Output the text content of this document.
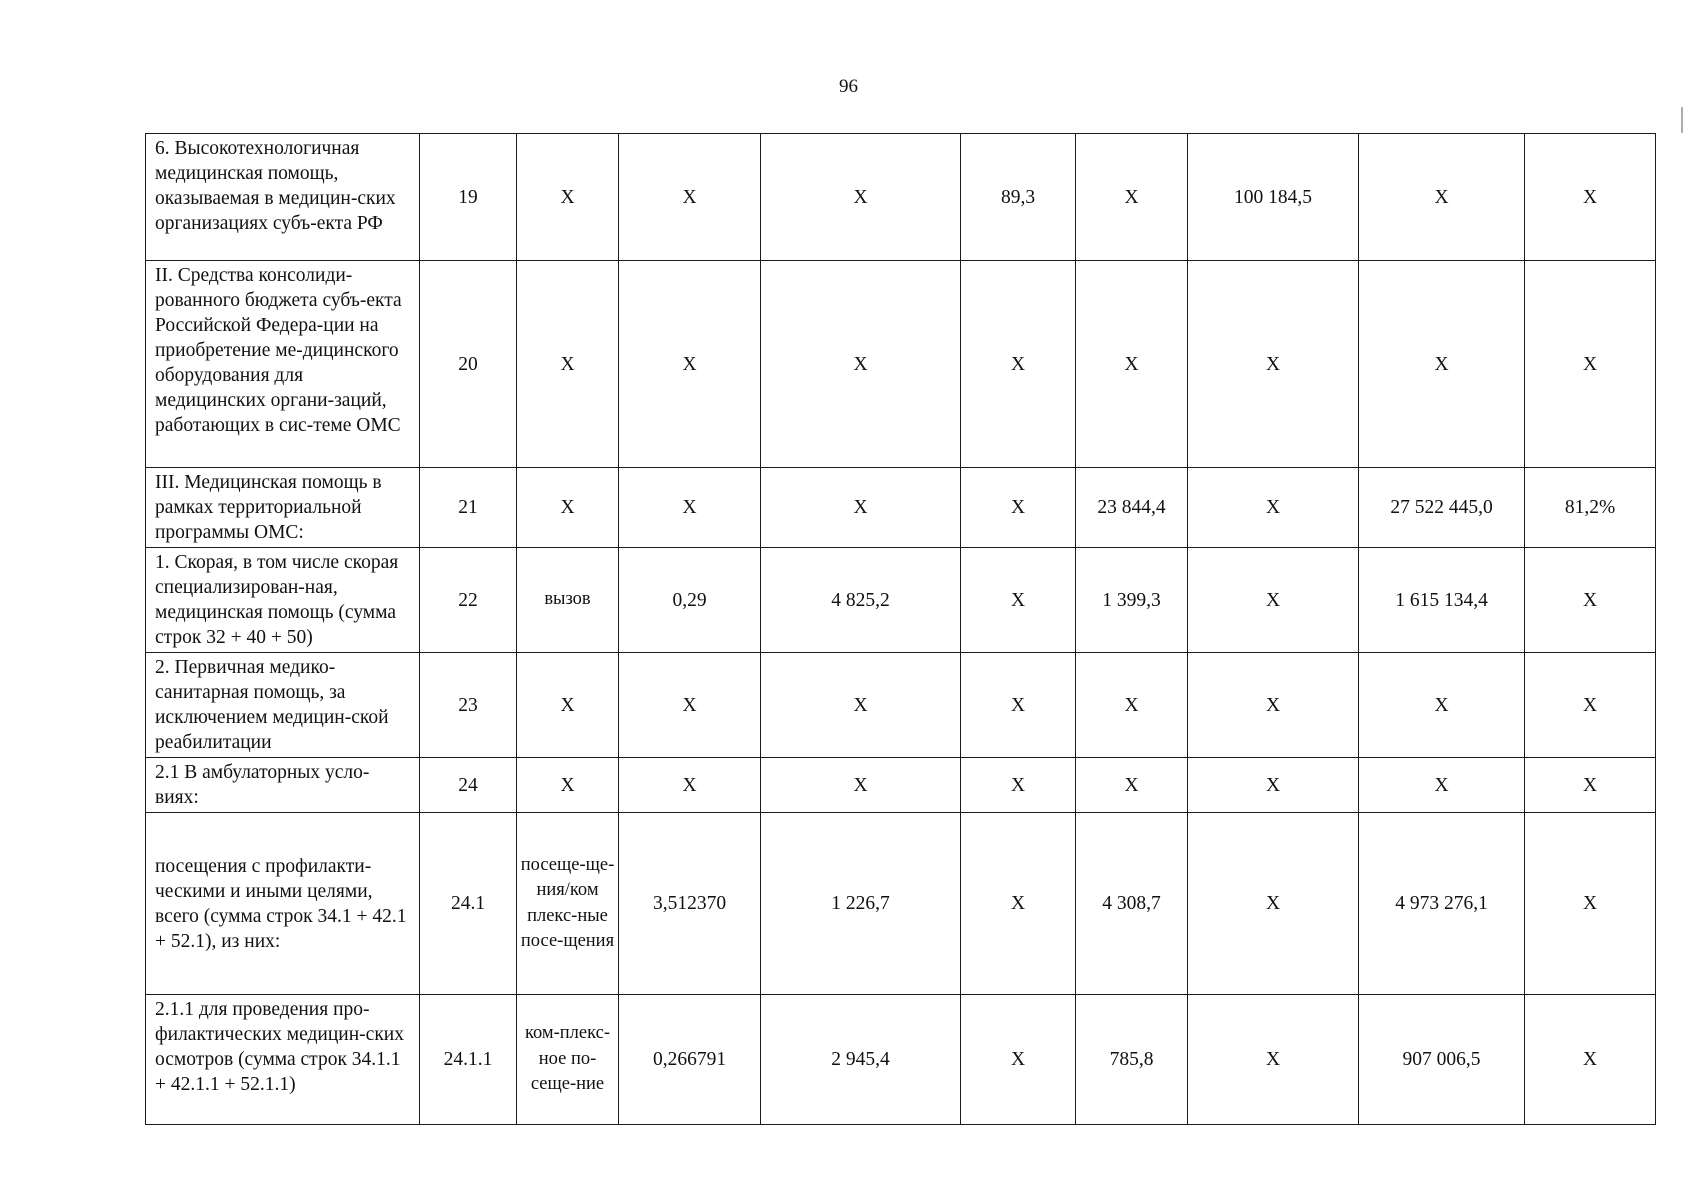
96
6. Высокотехнологичная медицинская помощь, оказываемая в медицин-ских организациях субъ-екта РФ	19	X	X	X	89,3	X	100 184,5	X	X
II. Средства консолиди-рованного бюджета субъ-екта Российской Федера-ции на приобретение ме-дицинского оборудования для медицинских органи-заций, работающих в сис-теме ОМС	20	X	X	X	X	X	X	X	X
III. Медицинская помощь в рамках территориальной программы ОМС:	21	X	X	X	X	23 844,4	X	27 522 445,0	81,2%
1. Скорая, в том числе скорая специализирован-ная, медицинская помощь (сумма строк 32 + 40 + 50)	22	вызов	0,29	4 825,2	X	1 399,3	X	1 615 134,4	X
2. Первичная медико-санитарная помощь, за исключением медицин-ской реабилитации	23	X	X	X	X	X	X	X	X
2.1 В амбулаторных усло-виях:	24	X	X	X	X	X	X	X	X
посещения с профилакти-ческими и иными целями, всего (сумма строк 34.1 + 42.1 + 52.1), из них:	24.1	посеще-ще-ния/ком плекс-ные посе-щения	3,512370	1 226,7	X	4 308,7	X	4 973 276,1	X
2.1.1 для проведения про-филактических медицин-ских осмотров (сумма строк 34.1.1 + 42.1.1 + 52.1.1)	24.1.1	ком-плекс-ное по-сеще-ние	0,266791	2 945,4	X	785,8	X	907 006,5	X
